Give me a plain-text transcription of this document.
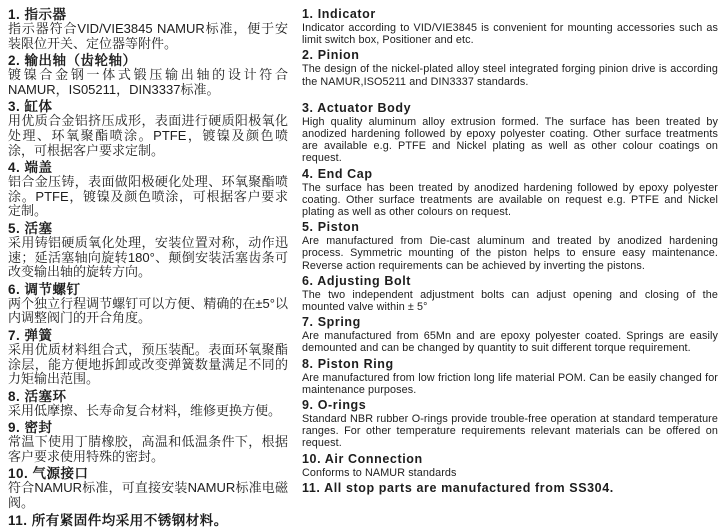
1. 指示器

指示器符合VID/VIE3845 NAMUR标准，便于安装限位开关、定位器等附件。

2. 输出轴（齿轮轴）

镀镍合金钢一体式锻压输出轴的设计符合NAMUR，IS05211，DIN3337标准。

3. 缸体

用优质合金铝挤压成形，表面进行硬质阳极氧化处理、环氧聚酯喷涂。PTFE，镀镍及颜色喷涂，可根据客户要求定制。

4. 端盖

铝合金压铸，表面做阳极硬化处理、环氧聚酯喷涂。PTFE，镀镍及颜色喷涂，可根据客户要求定制。

5. 活塞

采用铸铝硬质氧化处理，安装位置对称，动作迅速；延活塞轴向旋转180°、颠倒安装活塞齿条可改变输出轴的旋转方向。

6. 调节螺钉

两个独立行程调节螺钉可以方便、精确的在±5°以内调整阀门的开合角度。

7. 弹簧

采用优质材料组合式，预压装配。表面环氧聚酯涂层，能方便地拆卸或改变弹簧数量满足不同的力矩输出范围。

8. 活塞环

采用低摩擦、长寿命复合材料，维修更换方便。

9. 密封

常温下使用丁腈橡胶，高温和低温条件下，根据客户要求使用特殊的密封。

10. 气源接口

符合NAMUR标准，可直接安装NAMUR标准电磁阀。

11. 所有紧固件均采用不锈钢材料。
1. Indicator

Indicator according to VID/VIE3845 is convenient for mounting accessories such as limit switch box, Positioner and etc.

2. Pinion

The design of the nickel-plated alloy steel integrated forging pinion drive is according the NAMUR,ISO5211 and DIN3337 standards.

3. Actuator Body

High quality aluminum alloy extrusion formed. The surface has been treated by anodized hardening followed by epoxy polyester coating. Other surface treatments are available e.g. PTFE and Nickel plating as well as other colour coatings on request.

4. End Cap

The surface has been treated by anodized hardening followed by epoxy polyester coating. Other surface treatments are available on request e.g. PTFE and Nickel plating as well as other colours on request.

5. Piston

Are manufactured from Die-cast aluminum and treated by anodized hardening process. Symmetric mounting of the piston helps to ensure easy maintenance. Reverse action requirements can be achieved by inverting the pistons.

6. Adjusting Bolt

The two independent adjustment bolts can adjust opening and closing of the mounted valve within ± 5°

7. Spring

Are manufactured from 65Mn and are epoxy polyester coated. Springs are easily demounted and can be changed by quantity to suit different torque requirement.

8. Piston Ring

Are manufactured from low friction long life material POM. Can be easily changed for maintenance purposes.

9. O-rings

Standard NBR rubber O-rings provide trouble-free operation at standard temperature ranges. For other temperature requirements relevant materials can be offered on request.

10. Air Connection

Conforms to NAMUR standards

11. All stop parts are manufactured from SS304.
